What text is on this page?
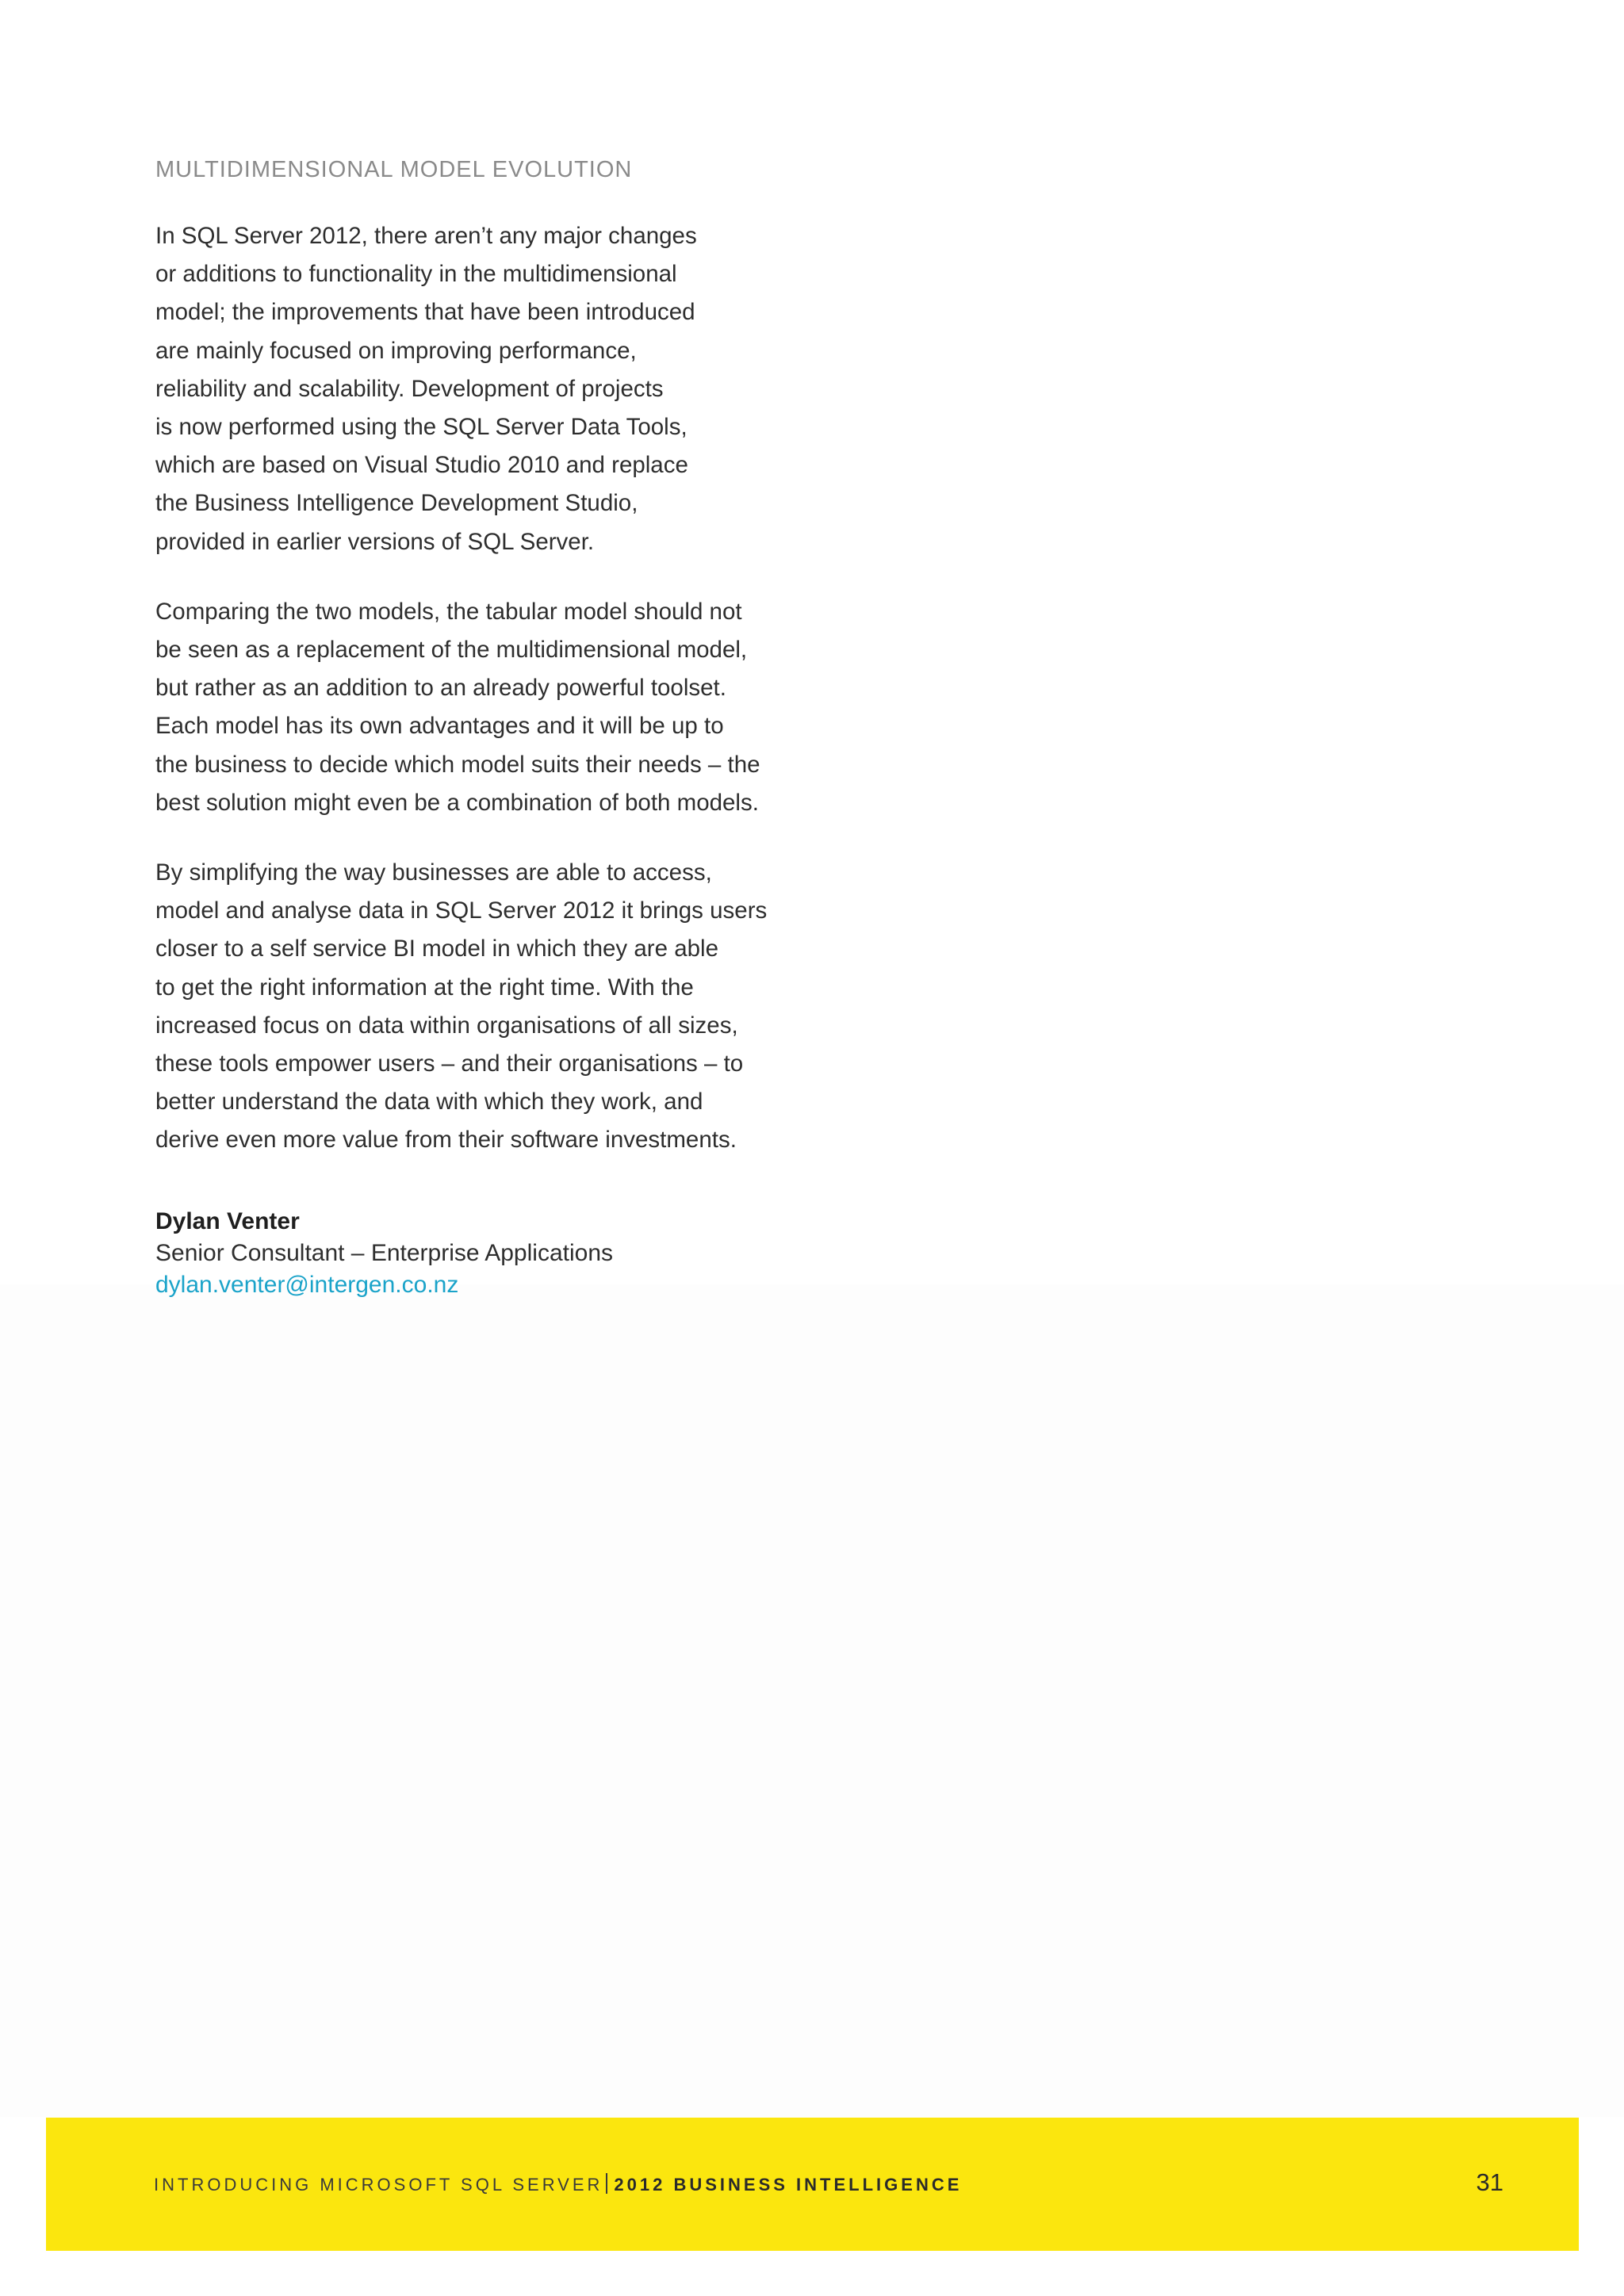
MULTIDIMENSIONAL MODEL EVOLUTION

In SQL Server 2012, there aren’t any major changes
or additions to functionality in the multidimensional
model; the improvements that have been introduced
are mainly focused on improving performance,
reliability and scalability. Development of projects
is now performed using the SQL Server Data Tools,
which are based on Visual Studio 2010 and replace
the Business Intelligence Development Studio,
provided in earlier versions of SQL Server.

Comparing the two models, the tabular model should not
be seen as a replacement of the multidimensional model,
but rather as an addition to an already powerful toolset.
Each model has its own advantages and it will be up to
the business to decide which model suits their needs – the
best solution might even be a combination of both models.

By simplifying the way businesses are able to access,
model and analyse data in SQL Server 2012 it brings users
closer to a self service BI model in which they are able
to get the right information at the right time. With the
increased focus on data within organisations of all sizes,
these tools empower users – and their organisations – to
better understand the data with which they work, and
derive even more value from their software investments.

Dylan Venter
Senior Consultant – Enterprise Applications
dylan.venter@intergen.co.nz
INTRODUCING MICROSOFT SQL SERVER 2012 BUSINESS INTELLIGENCE	31
